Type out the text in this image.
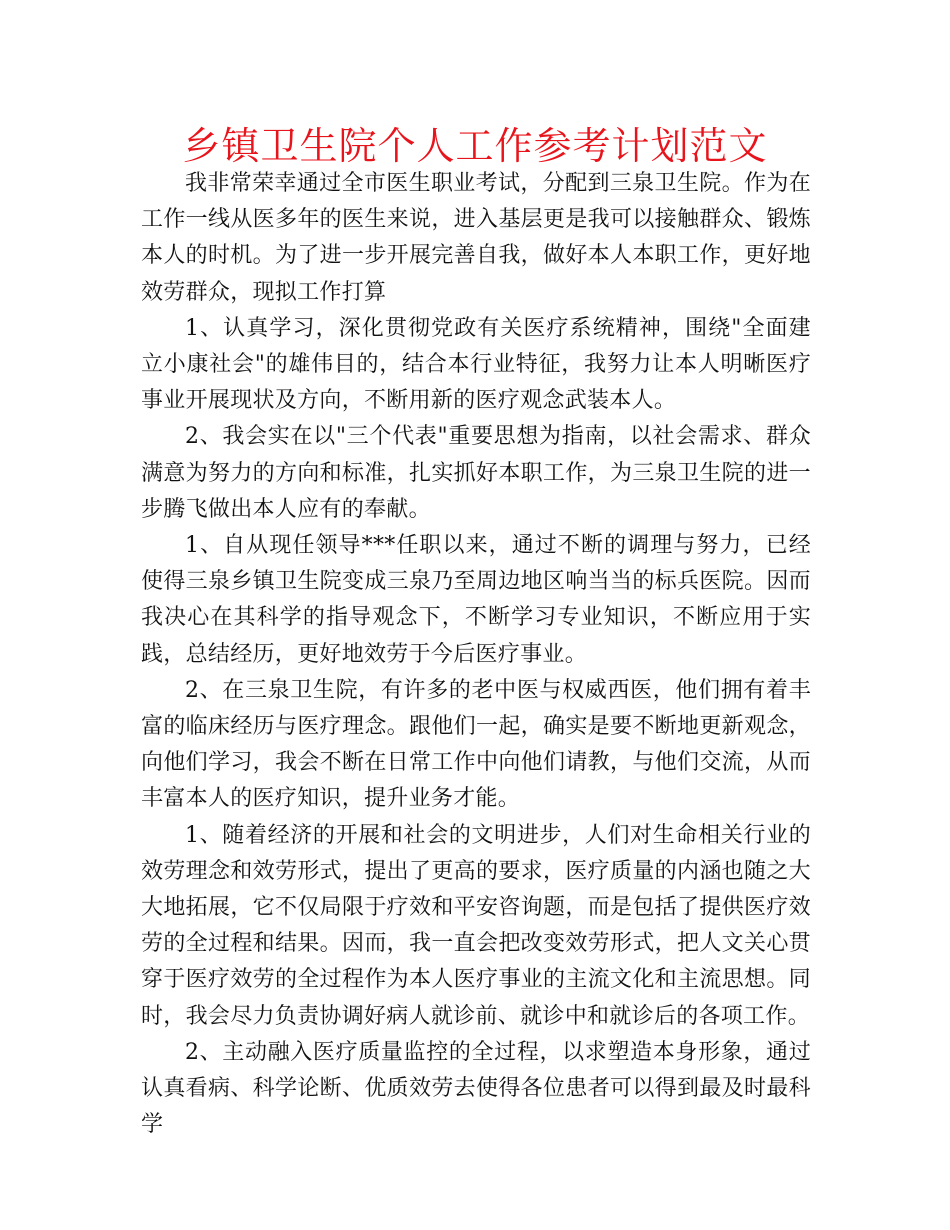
乡镇卫生院个人工作参考计划范文

我非常荣幸通过全市医生职业考试，分配到三泉卫生院。作为在工作一线从医多年的医生来说，进入基层更是我可以接触群众、锻炼本人的时机。为了进一步开展完善自我，做好本人本职工作，更好地效劳群众，现拟工作打算

1、认真学习，深化贯彻党政有关医疗系统精神，围绕"全面建立小康社会"的雄伟目的，结合本行业特征，我努力让本人明晰医疗事业开展现状及方向，不断用新的医疗观念武装本人。

2、我会实在以"三个代表"重要思想为指南，以社会需求、群众满意为努力的方向和标准，扎实抓好本职工作，为三泉卫生院的进一步腾飞做出本人应有的奉献。

1、自从现任领导***任职以来，通过不断的调理与努力，已经使得三泉乡镇卫生院变成三泉乃至周边地区响当当的标兵医院。因而我决心在其科学的指导观念下，不断学习专业知识，不断应用于实践，总结经历，更好地效劳于今后医疗事业。

2、在三泉卫生院，有许多的老中医与权威西医，他们拥有着丰富的临床经历与医疗理念。跟他们一起，确实是要不断地更新观念，向他们学习，我会不断在日常工作中向他们请教，与他们交流，从而丰富本人的医疗知识，提升业务才能。

1、随着经济的开展和社会的文明进步，人们对生命相关行业的效劳理念和效劳形式，提出了更高的要求，医疗质量的内涵也随之大大地拓展，它不仅局限于疗效和平安咨询题，而是包括了提供医疗效劳的全过程和结果。因而，我一直会把改变效劳形式，把人文关心贯穿于医疗效劳的全过程作为本人医疗事业的主流文化和主流思想。同时，我会尽力负责协调好病人就诊前、就诊中和就诊后的各项工作。

2、主动融入医疗质量监控的全过程，以求塑造本身形象，通过认真看病、科学论断、优质效劳去使得各位患者可以得到最及时最科学
